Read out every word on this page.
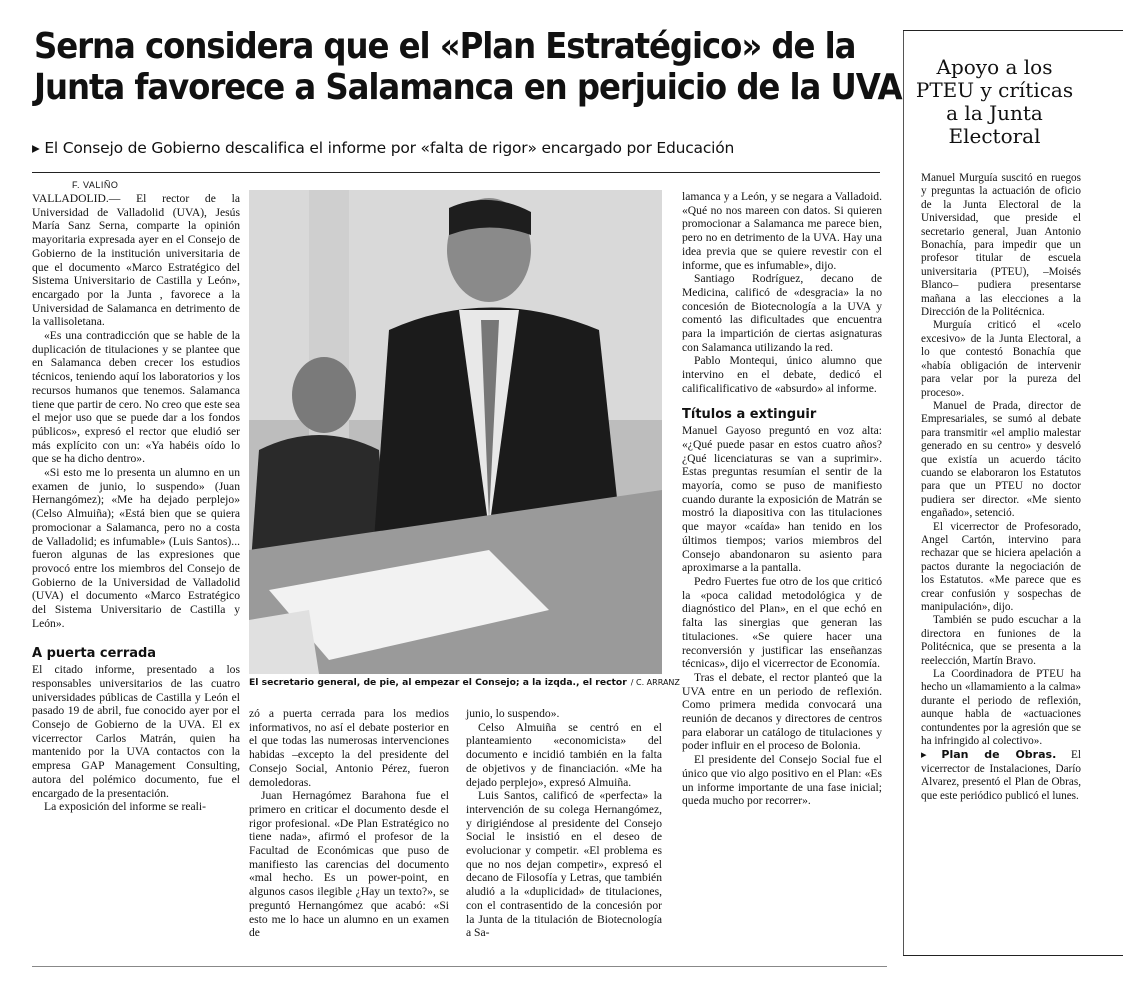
Serna considera que el «Plan Estratégico» de la
Junta favorece a Salamanca en perjuicio de la UVA
▸ El Consejo de Gobierno descalifica el informe por «falta de rigor» encargado por Educación
F. VALIÑO

VALLADOLID.— El rector de la Universidad de Valladolid (UVA), Jesús María Sanz Serna, comparte la opinión mayoritaria expresada ayer en el Consejo de Gobierno de la institución universitaria de que el documento «Marco Estratégico del Sistema Universitario de Castilla y León», encargado por la Junta , favorece a la Universidad de Salamanca en detrimento de la vallisoletana.

«Es una contradicción que se hable de la duplicación de titulaciones y se plantee que en Salamanca deben crecer los estudios técnicos, teniendo aquí los laboratorios y los recursos humanos que tenemos. Salamanca tiene que partir de cero. No creo que este sea el mejor uso que se puede dar a los fondos públicos», expresó el rector que eludió ser más explícito con un: «Ya habéis oído lo que se ha dicho dentro».

«Si esto me lo presenta un alumno en un examen de junio, lo suspendo» (Juan Hernangómez); «Me ha dejado perplejo» (Celso Almuiña); «Está bien que se quiera promocionar a Salamanca, pero no a costa de Valladolid; es infumable» (Luis Santos)... fueron algunas de las expresiones que provocó entre los miembros del Consejo de Gobierno de la Universidad de Valladolid (UVA) el documento «Marco Estratégico del Sistema Universitario de Castilla y León».

A puerta cerrada

El citado informe, presentado a los responsables universitarios de las cuatro universidades públicas de Castilla y León el pasado 19 de abril, fue conocido ayer por el Consejo de Gobierno de la UVA. El ex vicerrector Carlos Matrán, quien ha mantenido por la UVA contactos con la empresa GAP Management Consulting, autora del polémico documento, fue el encargado de la presentación.

La exposición del informe se reali-

El secretario general, de pie, al empezar el Consejo; a la izqda., el rector / C. ARRANZ

zó a puerta cerrada para los medios informativos, no así el debate posterior en el que todas las numerosas intervenciones habidas –excepto la del presidente del Consejo Social, Antonio Pérez, fueron demoledoras.

Juan Hernagómez Barahona fue el primero en criticar el documento desde el rigor profesional. «De Plan Estratégico no tiene nada», afirmó el profesor de la Facultad de Económicas que puso de manifiesto las carencias del documento «mal hecho. Es un power-point, en algunos casos ilegible ¿Hay un texto?», se preguntó Hernangómez que acabó: «Si esto me lo hace un alumno en un examen de

junio, lo suspendo».

Celso Almuiña se centró en el planteamiento «economicista» del documento e incidió también en la falta de objetivos y de financiación. «Me ha dejado perplejo», expresó Almuiña.

Luis Santos, calificó de «perfecta» la intervención de su colega Hernangómez, y dirigiéndose al presidente del Consejo Social le insistió en el deseo de evolucionar y competir. «El problema es que no nos dejan competir», expresó el decano de Filosofía y Letras, que también aludió a la «duplicidad» de titulaciones, con el contrasentido de la concesión por la Junta de la titulación de Biotecnología a Sa-

lamanca y a León, y se negara a Valladoid. «Qué no nos mareen con datos. Si quieren promocionar a Salamanca me parece bien, pero no en detrimento de la UVA. Hay una idea previa que se quiere revestir con el informe, que es infumable», dijo.

Santiago Rodríguez, decano de Medicina, calificó de «desgracia» la no concesión de Biotecnología a la UVA y comentó las dificultades que encuentra para la impartición de ciertas asignaturas con Salamanca utilizando la red.

Pablo Montequi, único alumno que intervino en el debate, dedicó el calificalificativo de «absurdo» al informe.

Títulos a extinguir

Manuel Gayoso preguntó en voz alta: «¿Qué puede pasar en estos cuatro años? ¿Qué licenciaturas se van a suprimir». Estas preguntas resumían el sentir de la mayoría, como se puso de manifiesto cuando durante la exposición de Matrán se mostró la diapositiva con las titulaciones que mayor «caída» han tenido en los últimos tiempos; varios miembros del Consejo abandonaron su asiento para aproximarse a la pantalla.

Pedro Fuertes fue otro de los que criticó la «poca calidad metodológica y de diagnóstico del Plan», en el que echó en falta las sinergias que generan las titulaciones. «Se quiere hacer una reconversión y justificar las enseñanzas técnicas», dijo el vicerrector de Economía.

Tras el debate, el rector planteó que la UVA entre en un periodo de reflexión. Como primera medida convocará una reunión de decanos y directores de centros para elaborar un catálogo de titulaciones y poder influir en el proceso de Bolonia.

El presidente del Consejo Social fue el único que vio algo positivo en el Plan: «Es un informe importante de una fase inicial; queda mucho por recorrer».

Apoyo a los PTEU y críticas a la Junta Electoral

Manuel Murguía suscitó en ruegos y preguntas la actuación de oficio de la Junta Electoral de la Universidad, que preside el secretario general, Juan Antonio Bonachía, para impedir que un profesor titular de escuela universitaria (PTEU), –Moisés Blanco– pudiera presentarse mañana a las elecciones a la Dirección de la Politécnica.

Murguía criticó el «celo excesivo» de la Junta Electoral, a lo que contestó Bonachía que «había obligación de intervenir para velar por la pureza del proceso».

Manuel de Prada, director de Empresariales, se sumó al debate para transmitir «el amplio malestar generado en su centro» y desveló que existía un acuerdo tácito cuando se elaboraron los Estatutos para que un PTEU no doctor pudiera ser director. «Me siento engañado», setenció.

El vicerrector de Profesorado, Angel Cartón, intervino para rechazar que se hiciera apelación a pactos durante la negociación de los Estatutos. «Me parece que es crear confusión y sospechas de manipulación», dijo.

También se pudo escuchar a la directora en funiones de la Politécnica, que se presenta a la reelección, Martín Bravo.

La Coordinadora de PTEU ha hecho un «llamamiento a la calma» durante el periodo de reflexión, aunque habla de «actuaciones contundentes por la agresión que se ha infringido al colectivo».

▸ Plan de Obras. El vicerrector de Instalaciones, Darío Alvarez, presentó el Plan de Obras, que este periódico publicó el lunes.
